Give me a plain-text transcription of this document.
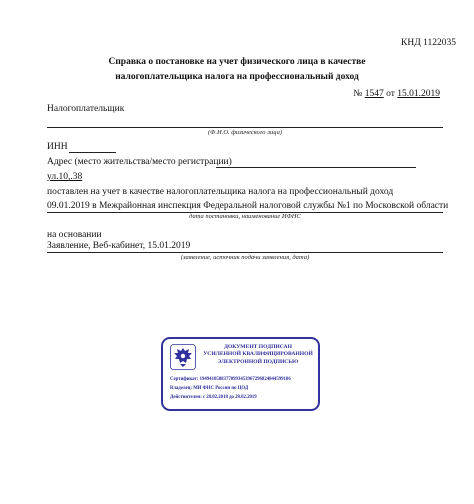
КНД 1122035
Справка о постановке на учет физического лица в качестве
налогоплательщика налога на профессиональный доход
№ 1547 от 15.01.2019
Налогоплательщик
(Ф.И.О. физического лица)
ИНН
Адрес (место жительства/место регистрации)
ул.10,.38
поставлен на учет в качестве налогоплательщика налога на профессиональный доход
09.01.2019 в Межрайонная инспекция Федеральной налоговой службы №1 по Московской области
дата постановки, наименование ИФНС
на основании
Заявление, Веб-кабинет, 15.01.2019
(заявление, источник подачи заявления, дата)
ДОКУМЕНТ ПОДПИСАН
УСИЛЕННОЙ КВАЛИФИЦИРОВАННОЙ
ЭЛЕКТРОННОЙ ПОДПИСЬЮ
Сертификат: 19494105883770993453967296824844599106
Владелец: МИ ФНС России по ЦОД
Действителен: с 28.02.2018 до 28.02.2019
